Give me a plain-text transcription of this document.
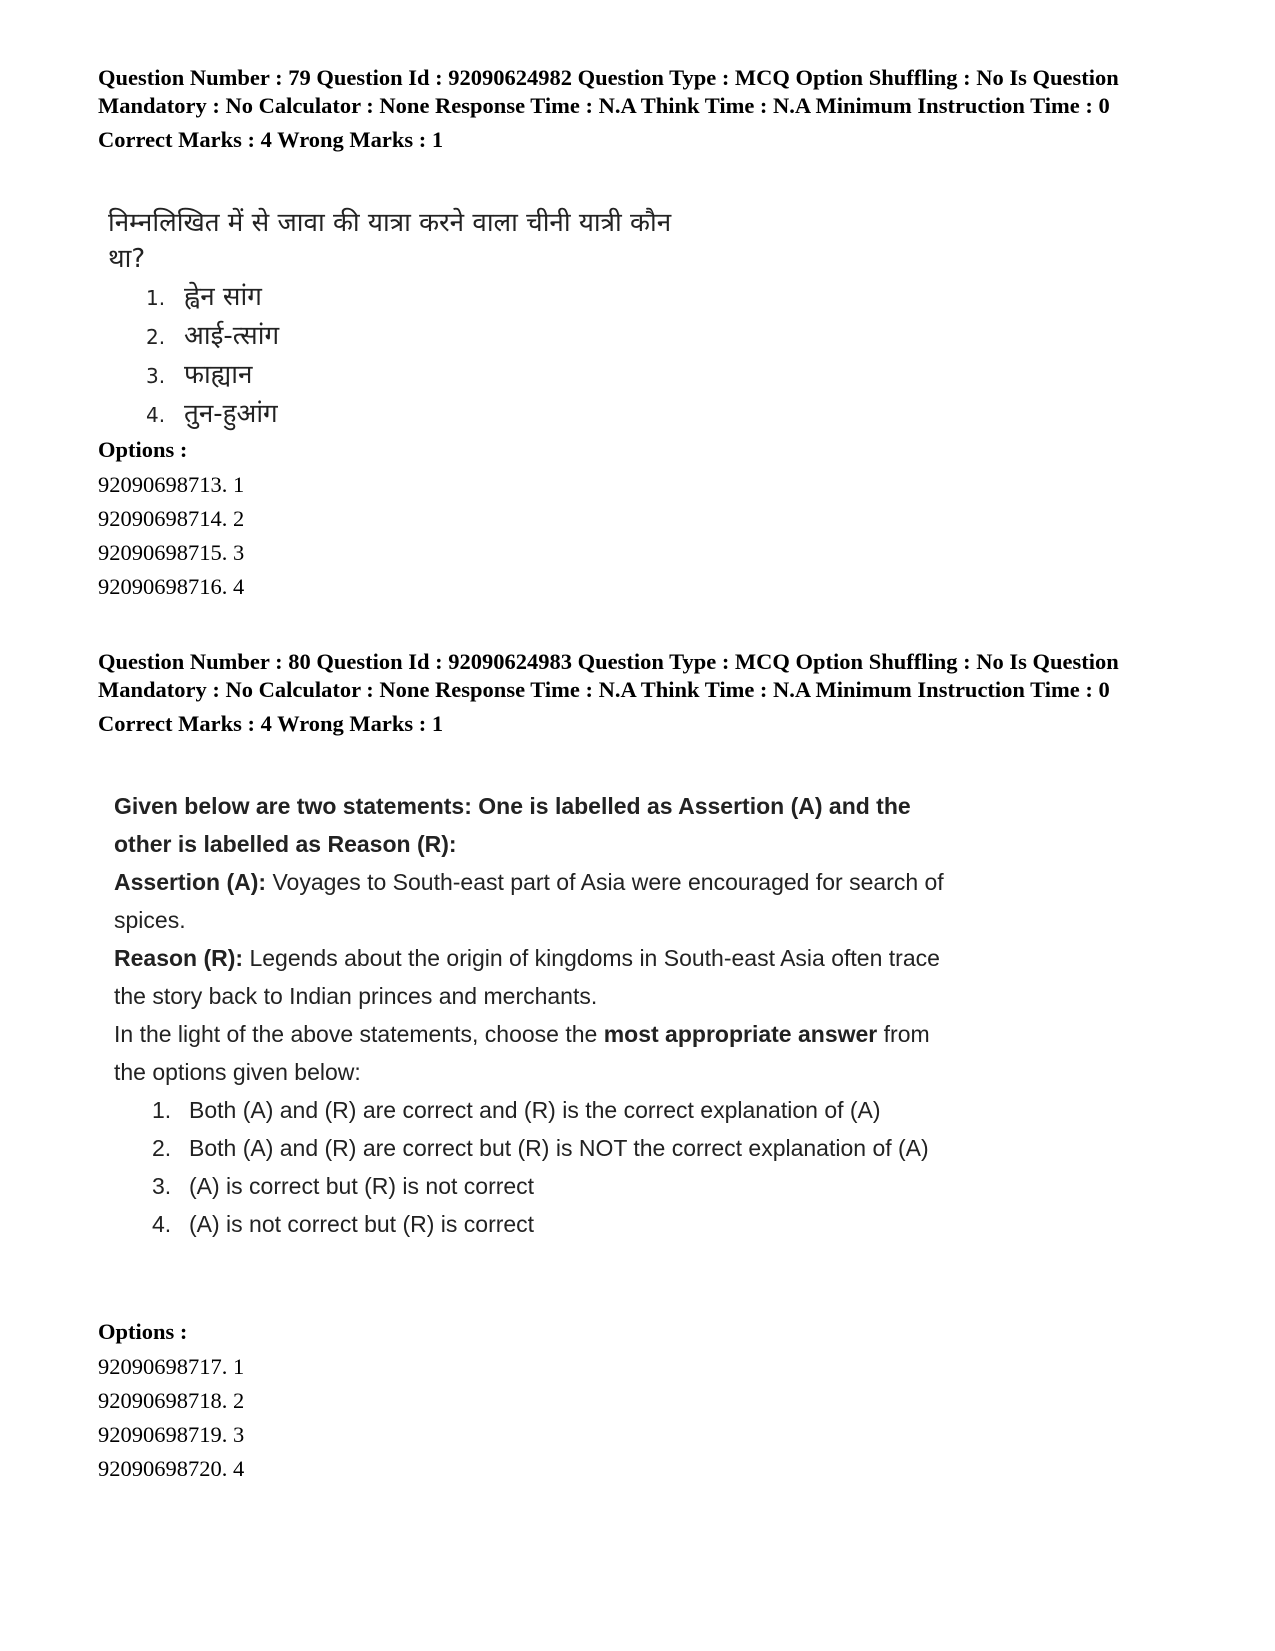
Question Number : 79 Question Id : 92090624982 Question Type : MCQ Option Shuffling : No Is Question Mandatory : No Calculator : None Response Time : N.A Think Time : N.A Minimum Instruction Time : 0

Correct Marks : 4 Wrong Marks : 1
निम्नलिखित में से जावा की यात्रा करने वाला चीनी यात्री कौन था?
1. ह्वेन सांग
2. आई-त्सांग
3. फाह्यान
4. तुन-हुआंग
Options :
92090698713. 1
92090698714. 2
92090698715. 3
92090698716. 4

Question Number : 80 Question Id : 92090624983 Question Type : MCQ Option Shuffling : No Is Question Mandatory : No Calculator : None Response Time : N.A Think Time : N.A Minimum Instruction Time : 0

Correct Marks : 4 Wrong Marks : 1
Given below are two statements: One is labelled as Assertion (A) and the other is labelled as Reason (R):
Assertion (A): Voyages to South-east part of Asia were encouraged for search of spices.
Reason (R): Legends about the origin of kingdoms in South-east Asia often trace the story back to Indian princes and merchants.
In the light of the above statements, choose the most appropriate answer from the options given below:
1. Both (A) and (R) are correct and (R) is the correct explanation of (A)
2. Both (A) and (R) are correct but (R) is NOT the correct explanation of (A)
3. (A) is correct but (R) is not correct
4. (A) is not correct but (R) is correct
Options :
92090698717. 1
92090698718. 2
92090698719. 3
92090698720. 4
